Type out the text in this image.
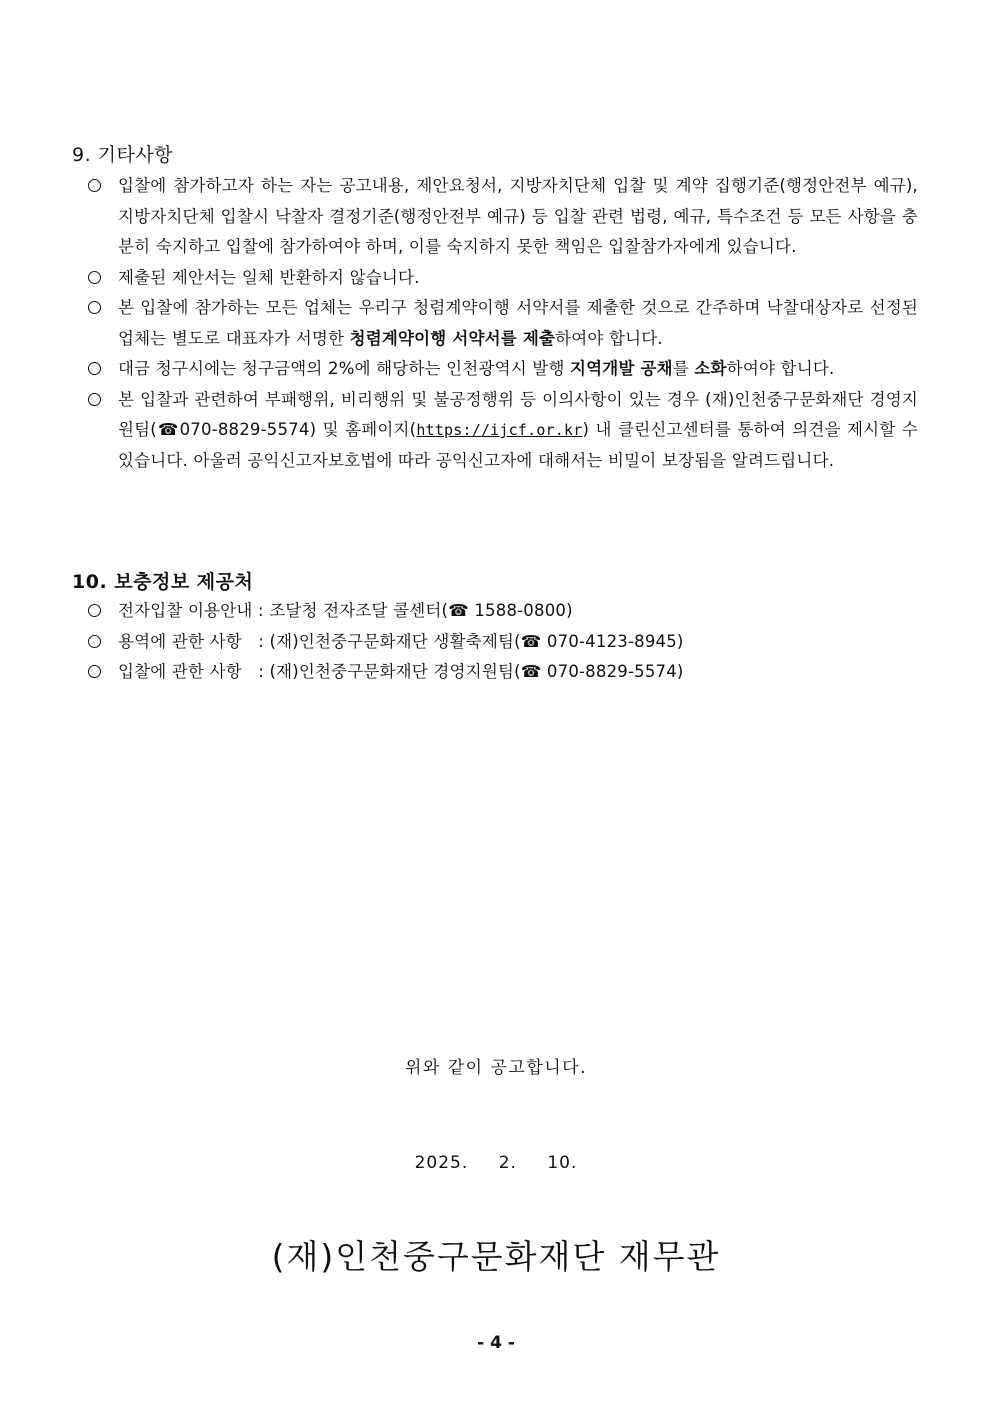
9. 기타사항
입찰에 참가하고자 하는 자는 공고내용, 제안요청서, 지방자치단체 입찰 및 계약 집행기준(행정안전부 예규), 지방자치단체 입찰시 낙찰자 결정기준(행정안전부 예규) 등 입찰 관련 법령, 예규, 특수조건 등 모든 사항을 충분히 숙지하고 입찰에 참가하여야 하며, 이를 숙지하지 못한 책임은 입찰참가자에게 있습니다.
제출된 제안서는 일체 반환하지 않습니다.
본 입찰에 참가하는 모든 업체는 우리구 청렴계약이행 서약서를 제출한 것으로 간주하며 낙찰대상자로 선정된 업체는 별도로 대표자가 서명한 청렴계약이행 서약서를 제출하여야 합니다.
대금 청구시에는 청구금액의 2%에 해당하는 인천광역시 발행 지역개발 공채를 소화하여야 합니다.
본 입찰과 관련하여 부패행위, 비리행위 및 불공정행위 등 이의사항이 있는 경우 (재)인천중구문화재단 경영지원팀(☎070-8829-5574) 및 홈페이지(https://ijcf.or.kr) 내 클린신고센터를 통하여 의견을 제시할 수 있습니다. 아울러 공익신고자보호법에 따라 공익신고자에 대해서는 비밀이 보장됨을 알려드립니다.
10. 보충정보 제공처
전자입찰 이용안내 : 조달청 전자조달 콜센터(☎ 1588-0800)
용역에 관한 사항 : (재)인천중구문화재단 생활축제팀(☎ 070-4123-8945)
입찰에 관한 사항 : (재)인천중구문화재단 경영지원팀(☎ 070-8829-5574)

위와 같이 공고합니다.

2025. 2. 10.
(재)인천중구문화재단 재무관
- 4 -
